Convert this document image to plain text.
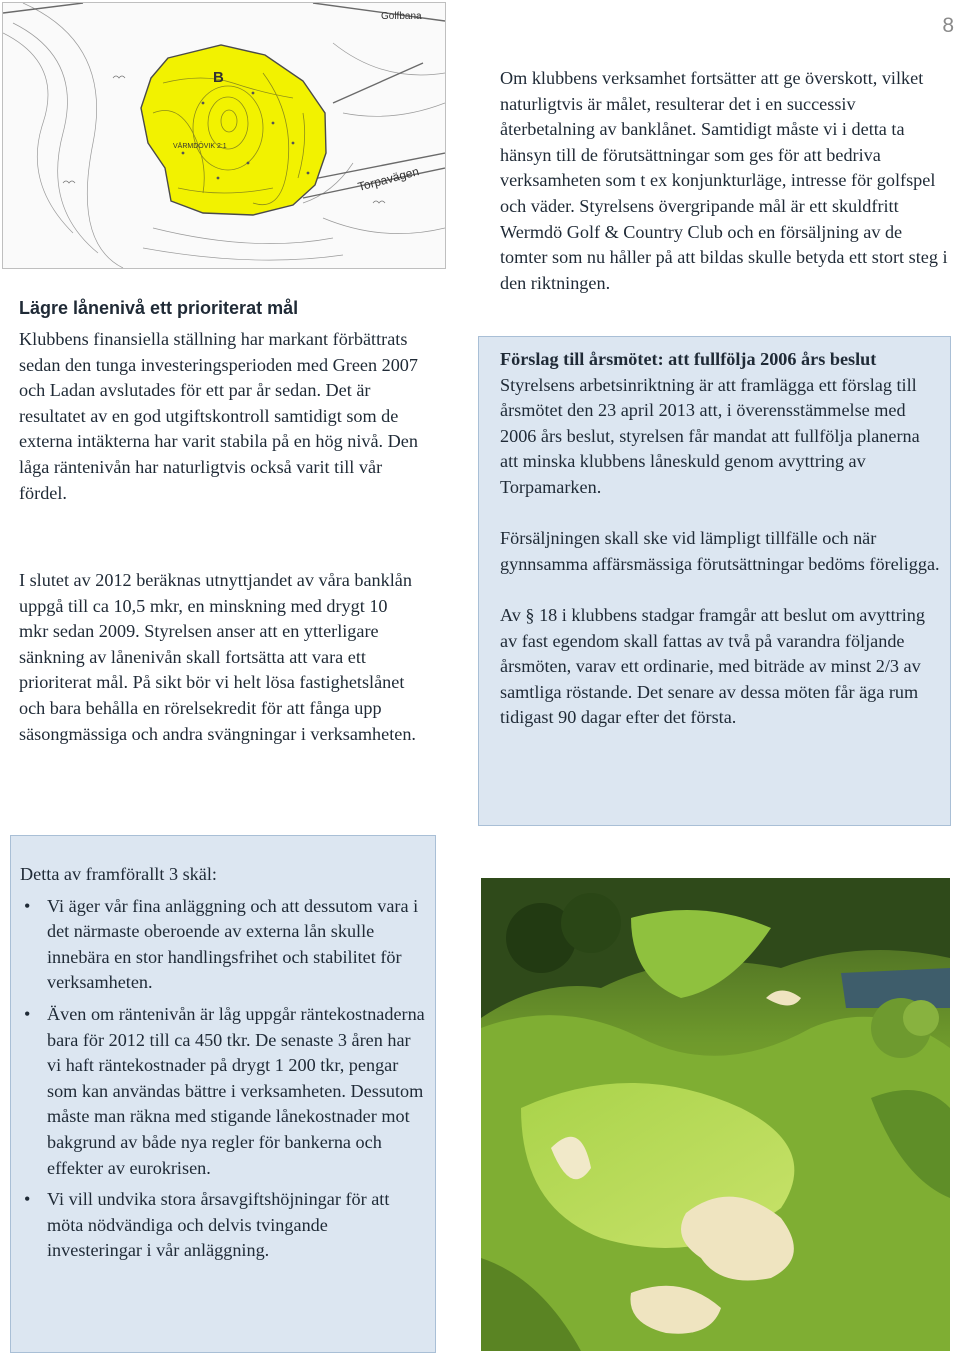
8
Golfbana
Torpavägen
B
VÄRMDÖVIK 2:1
Lägre lånenivå ett prioriterat mål

Klubbens finansiella ställning har markant förbättrats sedan den tunga investeringsperioden med Green 2007 och Ladan avslutades för ett par år sedan. Det är resultatet av en god utgiftskontroll samtidigt som de externa intäkterna har varit stabila på en hög nivå. Den låga räntenivån har naturligtvis också varit till vår fördel.

I slutet av 2012 beräknas utnyttjandet av våra banklån uppgå till ca 10,5 mkr, en minskning med drygt 10 mkr sedan 2009. Styrelsen anser att en ytterligare sänkning av lånenivån skall fortsätta att vara ett prioriterat mål. På sikt bör vi helt lösa fastighetslånet och bara behålla en rörelsekredit för att fånga upp säsongmässiga och andra svängningar i verksamheten.

Om klubbens verksamhet fortsätter att ge överskott, vilket naturligtvis är målet, resulterar det i en successiv återbetalning av banklånet. Samtidigt måste vi i detta ta hänsyn till de förutsättningar som ges för att bedriva verksamheten som t ex konjunkturläge, intresse för golfspel och väder. Styrelsens övergripande mål är ett skuldfritt Wermdö Golf & Country Club och en försäljning av de tomter som nu håller på att bildas skulle betyda ett stort steg i den riktningen.

Förslag till årsmötet: att fullfölja 2006 års beslut

Styrelsens arbetsinriktning är att framlägga ett förslag till årsmötet den 23 april 2013 att, i överensstämmelse med 2006 års beslut, styrelsen får mandat att fullfölja planerna att minska klubbens låneskuld genom avyttring av Torpamarken.

Försäljningen skall ske vid lämpligt tillfälle och när gynnsamma affärsmässiga förutsättningar bedöms föreligga.

Av § 18 i klubbens stadgar framgår att beslut om avyttring av fast egendom skall fattas av två på varandra följande årsmöten, varav ett ordinarie, med biträde av minst 2/3 av samtliga röstande. Det senare av dessa möten får äga rum tidigast 90 dagar efter det första.

Detta av framförallt 3 skäl:

• Vi äger vår fina anläggning och att dessutom vara i det närmaste oberoende av externa lån skulle innebära en stor handlingsfrihet och stabilitet för verksamheten.
• Även om räntenivån är låg uppgår räntekostnaderna bara för 2012 till ca 450 tkr. De senaste 3 åren har vi haft räntekostnader på drygt 1 200 tkr, pengar som kan användas bättre i verksamheten. Dessutom måste man räkna med stigande lånekostnader mot bakgrund av både nya regler för bankerna och effekter av eurokrisen.
• Vi vill undvika stora årsavgiftshöjningar för att möta nödvändiga och delvis tvingande investeringar i vår anläggning.
